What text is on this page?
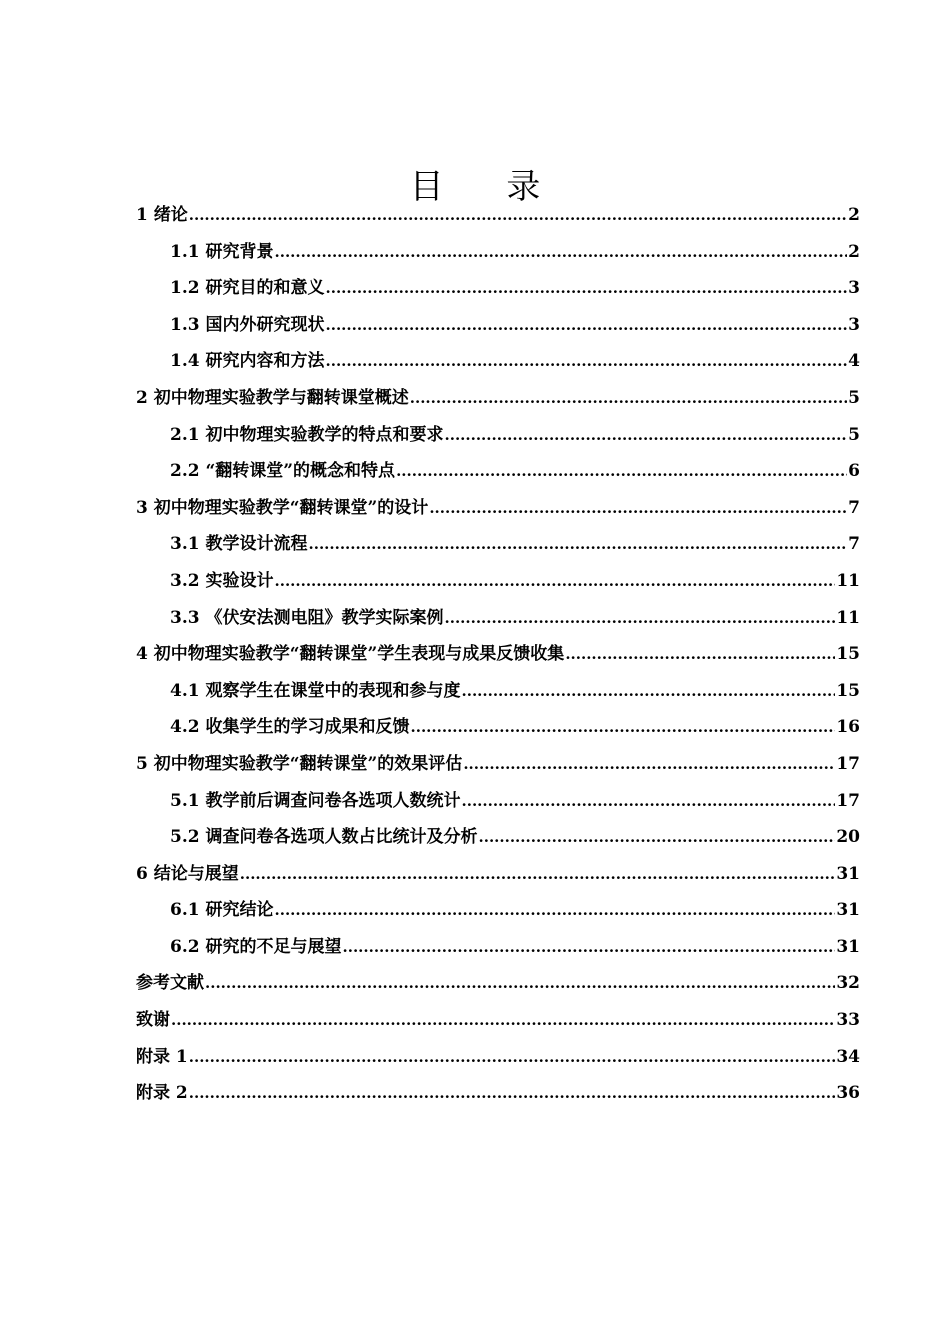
目 录
1 绪论 .....	2
1.1 研究背景 .....	2
1.2 研究目的和意义 .....	3
1.3 国内外研究现状 .....	3
1.4 研究内容和方法 .....	4
2 初中物理实验教学与翻转课堂概述 .....	5
2.1 初中物理实验教学的特点和要求 .....	5
2.2 “翻转课堂”的概念和特点 .....	6
3 初中物理实验教学“翻转课堂”的设计 .....	7
3.1 教学设计流程 .....	7
3.2 实验设计 .....	11
3.3 《伏安法测电阻》教学实际案例 .....	11
4 初中物理实验教学“翻转课堂”学生表现与成果反馈收集 .....	15
4.1 观察学生在课堂中的表现和参与度 .....	15
4.2 收集学生的学习成果和反馈 .....	16
5 初中物理实验教学“翻转课堂”的效果评估 .....	17
5.1 教学前后调查问卷各选项人数统计 .....	17
5.2 调查问卷各选项人数占比统计及分析 .....	20
6 结论与展望 .....	31
6.1 研究结论 .....	31
6.2 研究的不足与展望 .....	31
参考文献 .....	32
致谢 .....	33
附录 1 .....	34
附录 2 .....	36
